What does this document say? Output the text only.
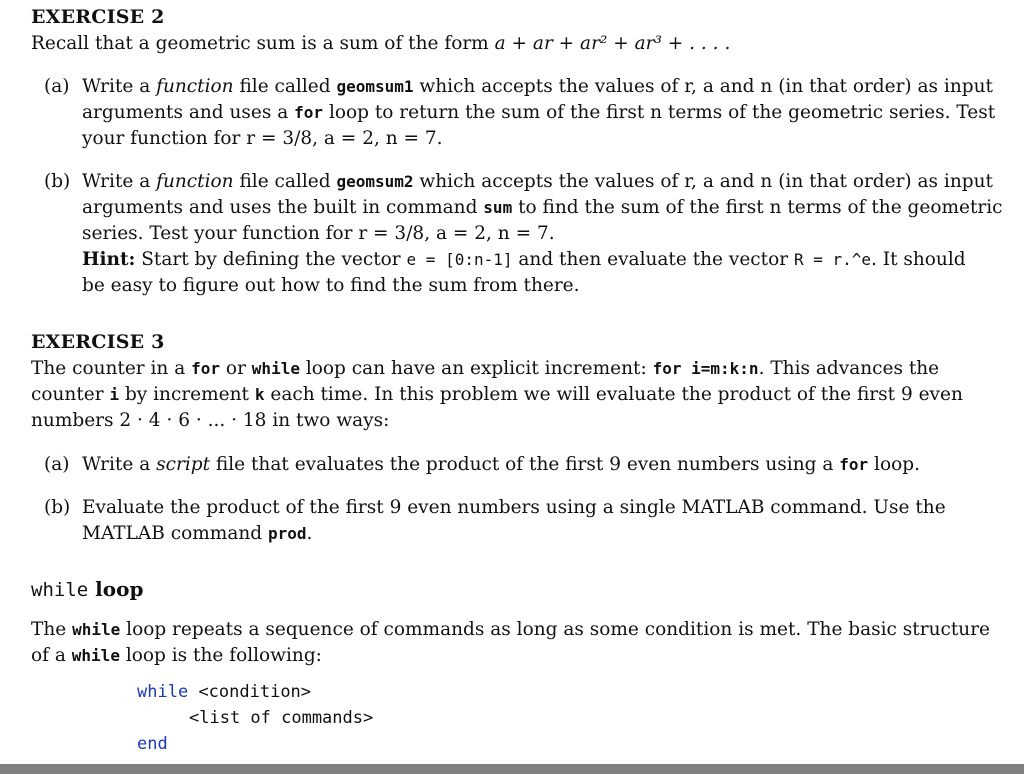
EXERCISE 2
Recall that a geometric sum is a sum of the form a + ar + ar² + ar³ + . . . .
(a) Write a function file called geomsum1 which accepts the values of r, a and n (in that order) as input
arguments and uses a for loop to return the sum of the first n terms of the geometric series. Test
your function for r = 3/8, a = 2, n = 7.
(b) Write a function file called geomsum2 which accepts the values of r, a and n (in that order) as input
arguments and uses the built in command sum to find the sum of the first n terms of the geometric
series. Test your function for r = 3/8, a = 2, n = 7.
Hint: Start by defining the vector e = [0:n-1] and then evaluate the vector R = r.^e. It should
be easy to figure out how to find the sum from there.
EXERCISE 3
The counter in a for or while loop can have an explicit increment: for i=m:k:n. This advances the
counter i by increment k each time. In this problem we will evaluate the product of the first 9 even
numbers 2 · 4 · 6 · ... · 18 in two ways:
(a) Write a script file that evaluates the product of the first 9 even numbers using a for loop.
(b) Evaluate the product of the first 9 even numbers using a single MATLAB command. Use the
MATLAB command prod.
while loop
The while loop repeats a sequence of commands as long as some condition is met. The basic structure
of a while loop is the following:
while <condition>
<list of commands>
end
